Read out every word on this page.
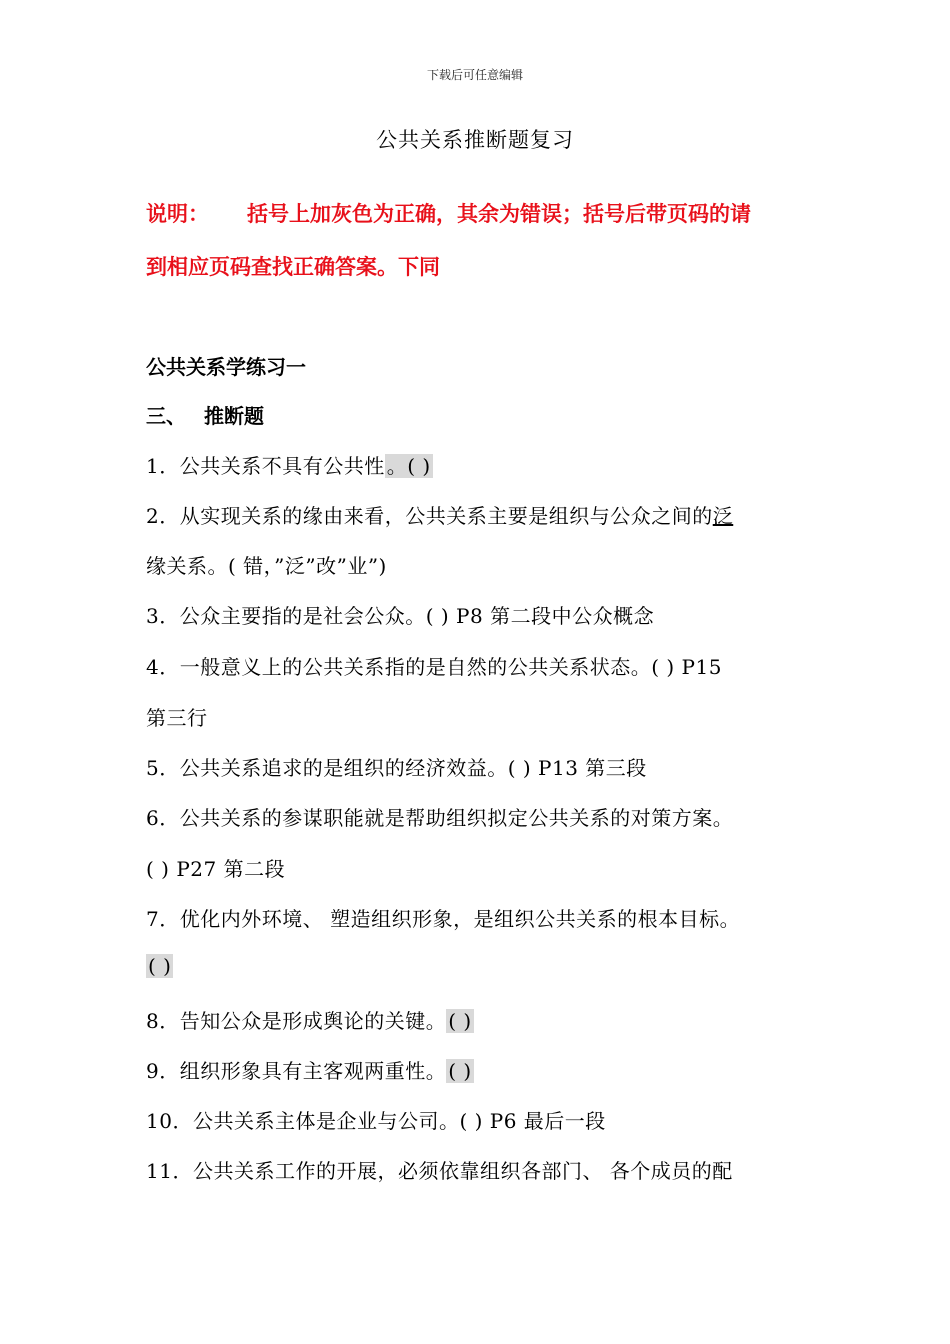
下载后可任意编辑
公共关系推断题复习
说明： 括号上加灰色为正确，其余为错误；括号后带页码的请
到相应页码查找正确答案。下同
公共关系学练习一
三、 推断题
1．公共关系不具有公共性 。( )
2．从实现关系的缘由来看，公共关系主要是组织与公众之间的泛
缘关系。( 错，”泛”改”业”)
3．公众主要指的是社会公众。( ) P8 第二段中公众概念
4．一般意义上的公共关系指的是自然的公共关系状态。( ) P15
第三行
5．公共关系追求的是组织的经济效益。( ) P13 第三段
6．公共关系的参谋职能就是帮助组织拟定公共关系的对策方案。
( ) P27 第二段
7．优化内外环境、 塑造组织形象，是组织公共关系的根本目标。
( )
8．告知公众是形成舆论的关键。 ( )
9．组织形象具有主客观两重性。 ( )
10．公共关系主体是企业与公司。( ) P6 最后一段
11．公共关系工作的开展，必须依靠组织各部门、 各个成员的配
